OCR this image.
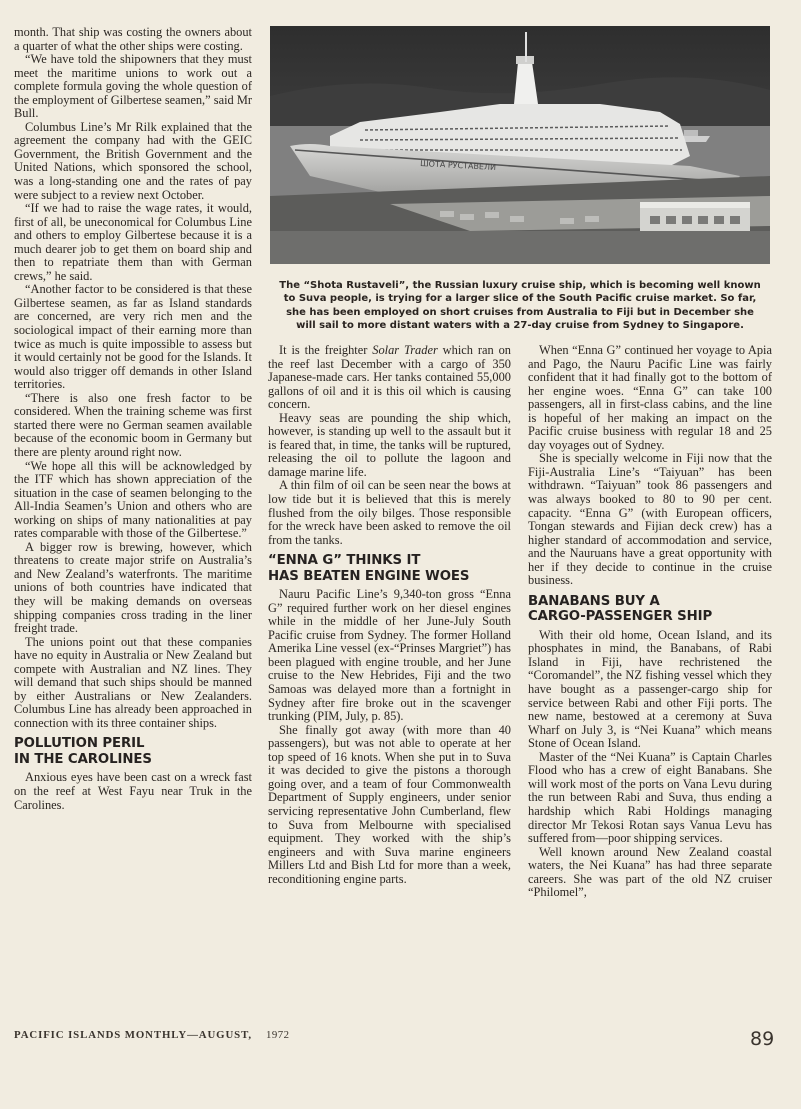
month. That ship was costing the owners about a quarter of what the other ships were costing.

“We have told the shipowners that they must meet the maritime unions to work out a complete formula goving the whole question of the employment of Gilbertese seamen,” said Mr Bull.

Columbus Line’s Mr Rilk explained that the agreement the company had with the GEIC Government, the British Government and the United Nations, which sponsored the school, was a long-standing one and the rates of pay were subject to a review next October.

“If we had to raise the wage rates, it would, first of all, be uneconomical for Columbus Line and others to employ Gilbertese because it is a much dearer job to get them on board ship and then to repatriate them than with German crews,” he said.

“Another factor to be considered is that these Gilbertese seamen, as far as Island standards are concerned, are very rich men and the sociological impact of their earning more than twice as much is quite impossible to assess but it would certainly not be good for the Islands. It would also trigger off demands in other Island territories.

“There is also one fresh factor to be considered. When the training scheme was first started there were no German seamen available because of the economic boom in Germany but there are plenty around right now.

“We hope all this will be acknowledged by the ITF which has shown appreciation of the situation in the case of seamen belonging to the All-India Seamen’s Union and others who are working on ships of many nationalities at pay rates comparable with those of the Gilbertese.”

A bigger row is brewing, however, which threatens to create major strife on Australia’s and New Zealand’s waterfronts. The maritime unions of both countries have indicated that they will be making demands on overseas shipping companies cross trading in the liner freight trade.

The unions point out that these companies have no equity in Australia or New Zealand but compete with Australian and NZ lines. They will demand that such ships should be manned by either Australians or New Zealanders. Columbus Line has already been approached in connection with its three container ships.

POLLUTION PERIL
IN THE CAROLINES

Anxious eyes have been cast on a wreck fast on the reef at West Fayu near Truk in the Carolines.

ШОТА РУСТАВЕЛИ
The “Shota Rustaveli”, the Russian luxury cruise ship, which is becoming well known
to Suva people, is trying for a larger slice of the South Pacific cruise market. So far,
she has been employed on short cruises from Australia to Fiji but in December she
will sail to more distant waters with a 27-day cruise from Sydney to Singapore.

It is the freighter Solar Trader which ran on the reef last December with a cargo of 350 Japanese-made cars. Her tanks contained 55,000 gallons of oil and it is this oil which is causing concern.

Heavy seas are pounding the ship which, however, is standing up well to the assault but it is feared that, in time, the tanks will be ruptured, releasing the oil to pollute the lagoon and damage marine life.

A thin film of oil can be seen near the bows at low tide but it is believed that this is merely flushed from the oily bilges. Those responsible for the wreck have been asked to remove the oil from the tanks.

“ENNA G” THINKS IT
HAS BEATEN ENGINE WOES

Nauru Pacific Line’s 9,340-ton gross “Enna G” required further work on her diesel engines while in the middle of her June-July South Pacific cruise from Sydney. The former Holland Amerika Line vessel (ex-“Prinses Margriet”) has been plagued with engine trouble, and her June cruise to the New Hebrides, Fiji and the two Samoas was delayed more than a fortnight in Sydney after fire broke out in the scavenger trunking (PIM, July, p. 85).

She finally got away (with more than 40 passengers), but was not able to operate at her top speed of 16 knots. When she put in to Suva it was decided to give the pistons a thorough going over, and a team of four Commonwealth Department of Supply engineers, under senior servicing representative John Cumberland, flew to Suva from Melbourne with specialised equipment. They worked with the ship’s engineers and with Suva marine engineers Millers Ltd and Bish Ltd for more than a week, reconditioning engine parts.

When “Enna G” continued her voyage to Apia and Pago, the Nauru Pacific Line was fairly confident that it had finally got to the bottom of her engine woes. “Enna G” can take 100 passengers, all in first-class cabins, and the line is hopeful of her making an impact on the Pacific cruise business with regular 18 and 25 day voyages out of Sydney.

She is specially welcome in Fiji now that the Fiji-Australia Line’s “Taiyuan” has been withdrawn. “Taiyuan” took 86 passengers and was always booked to 80 to 90 per cent. capacity. “Enna G” (with European officers, Tongan stewards and Fijian deck crew) has a higher standard of accommodation and service, and the Nauruans have a great opportunity with her if they decide to continue in the cruise business.

BANABANS BUY A
CARGO-PASSENGER SHIP

With their old home, Ocean Island, and its phosphates in mind, the Banabans, of Rabi Island in Fiji, have rechristened the “Coromandel”, the NZ fishing vessel which they have bought as a passenger-cargo ship for service between Rabi and other Fiji ports. The new name, bestowed at a ceremony at Suva Wharf on July 3, is “Nei Kuana” which means Stone of Ocean Island.

Master of the “Nei Kuana” is Captain Charles Flood who has a crew of eight Banabans. She will work most of the ports on Vana Levu during the run between Rabi and Suva, thus ending a hardship which Rabi Holdings managing director Mr Tekosi Rotan says Vanua Levu has suffered from—poor shipping services.

Well known around New Zealand coastal waters, the Nei Kuana” has had three separate careers. She was part of the old NZ cruiser “Philomel”,

PACIFIC ISLANDS MONTHLY—AUGUST, 1972	89
